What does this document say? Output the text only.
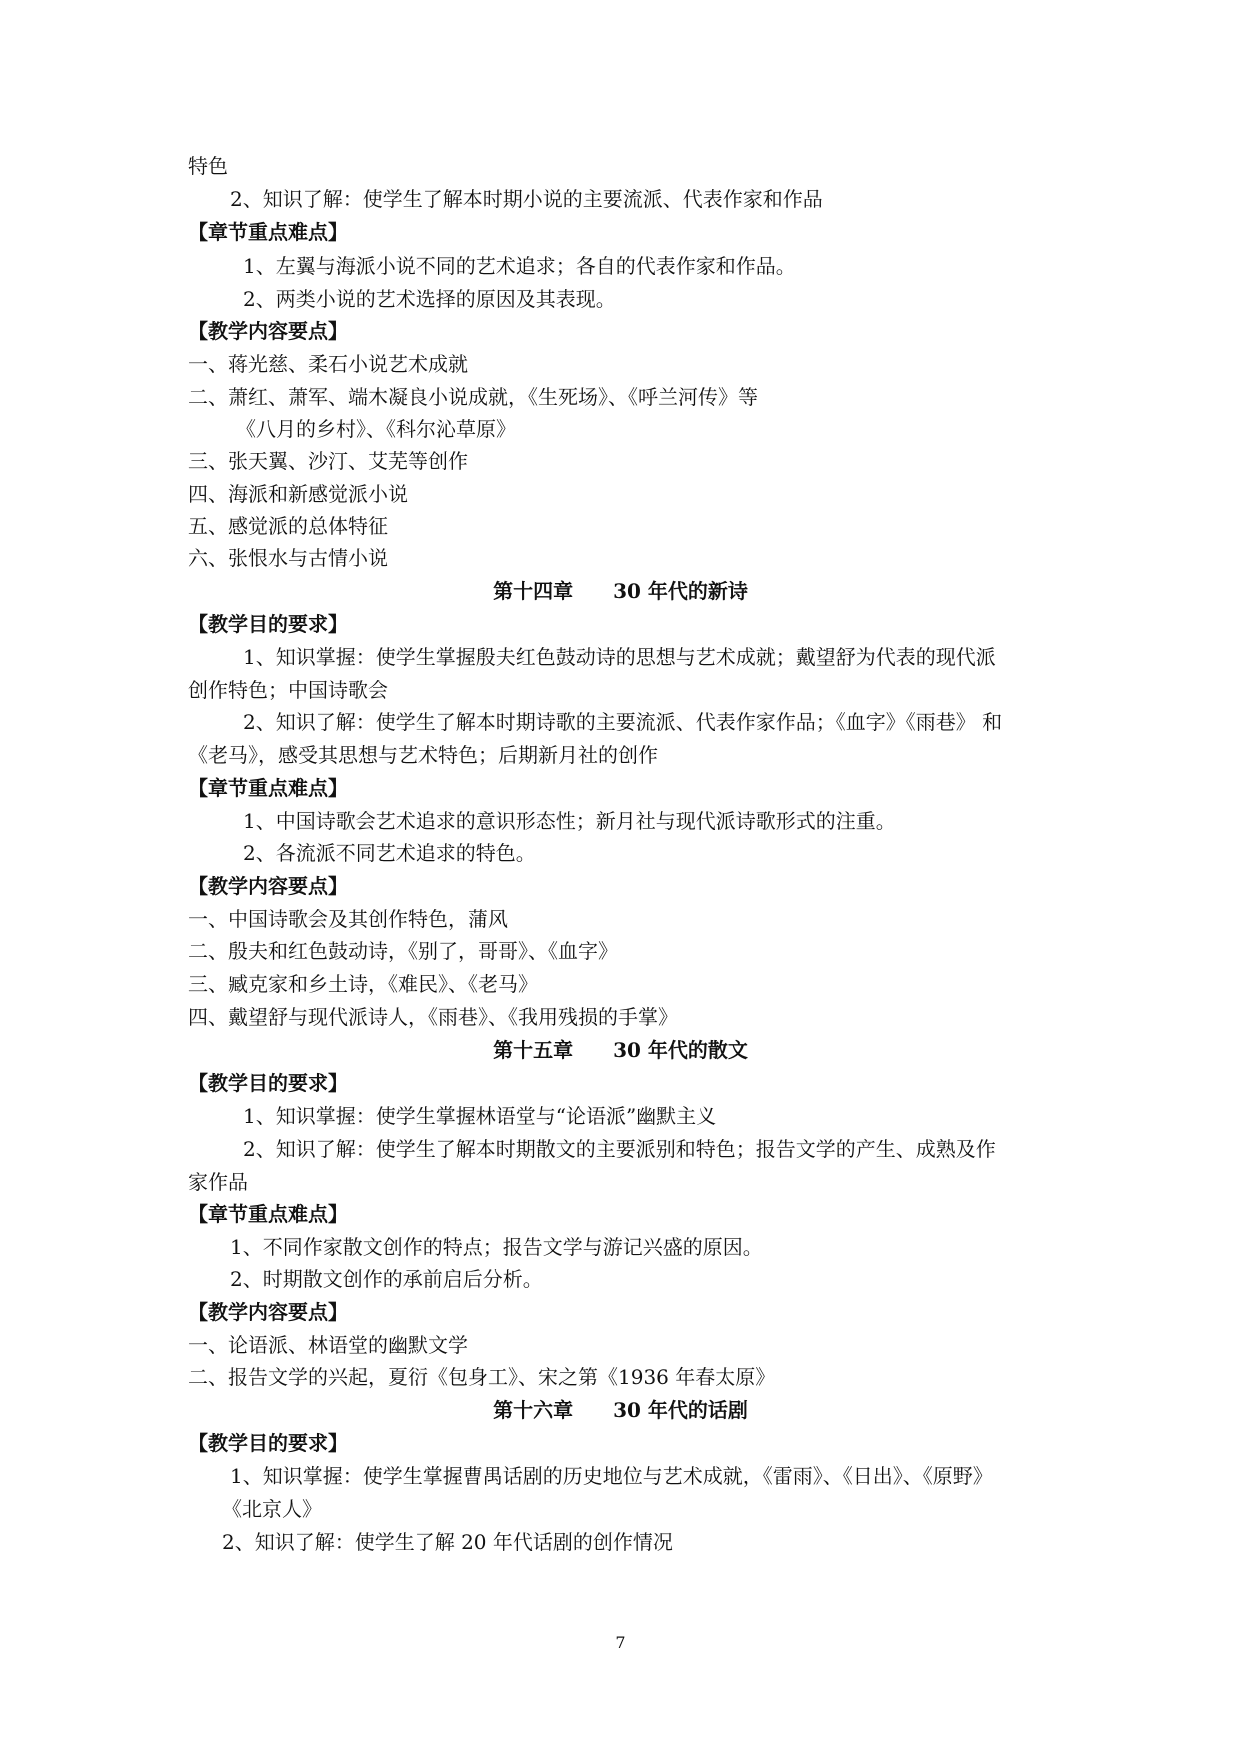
特色
2、知识了解：使学生了解本时期小说的主要流派、代表作家和作品
【章节重点难点】
1、左翼与海派小说不同的艺术追求；各自的代表作家和作品。
2、两类小说的艺术选择的原因及其表现。
【教学内容要点】
一、蒋光慈、柔石小说艺术成就
二、萧红、萧军、端木凝良小说成就，《生死场》、《呼兰河传》等
《八月的乡村》、《科尔沁草原》
三、张天翼、沙汀、艾芜等创作
四、海派和新感觉派小说
五、感觉派的总体特征
六、张恨水与古情小说
第十四章　　30 年代的新诗
【教学目的要求】
1、知识掌握：使学生掌握殷夫红色鼓动诗的思想与艺术成就；戴望舒为代表的现代派
创作特色；中国诗歌会
2、知识了解：使学生了解本时期诗歌的主要流派、代表作家作品；《血字》《雨巷》 和
《老马》，感受其思想与艺术特色；后期新月社的创作
【章节重点难点】
1、中国诗歌会艺术追求的意识形态性；新月社与现代派诗歌形式的注重。
2、各流派不同艺术追求的特色。
【教学内容要点】
一、中国诗歌会及其创作特色，蒲风
二、殷夫和红色鼓动诗，《别了，哥哥》、《血字》
三、臧克家和乡土诗，《难民》、《老马》
四、戴望舒与现代派诗人，《雨巷》、《我用残损的手掌》
第十五章　　30 年代的散文
【教学目的要求】
1、知识掌握：使学生掌握林语堂与“论语派”幽默主义
2、知识了解：使学生了解本时期散文的主要派别和特色；报告文学的产生、成熟及作
家作品
【章节重点难点】
1、不同作家散文创作的特点；报告文学与游记兴盛的原因。
2、时期散文创作的承前启后分析。
【教学内容要点】
一、论语派、林语堂的幽默文学
二、报告文学的兴起，夏衍《包身工》、宋之第《1936 年春太原》
第十六章　　30 年代的话剧
【教学目的要求】
1、知识掌握：使学生掌握曹禺话剧的历史地位与艺术成就，《雷雨》、《日出》、《原野》
《北京人》
2、知识了解：使学生了解 20 年代话剧的创作情况
7
